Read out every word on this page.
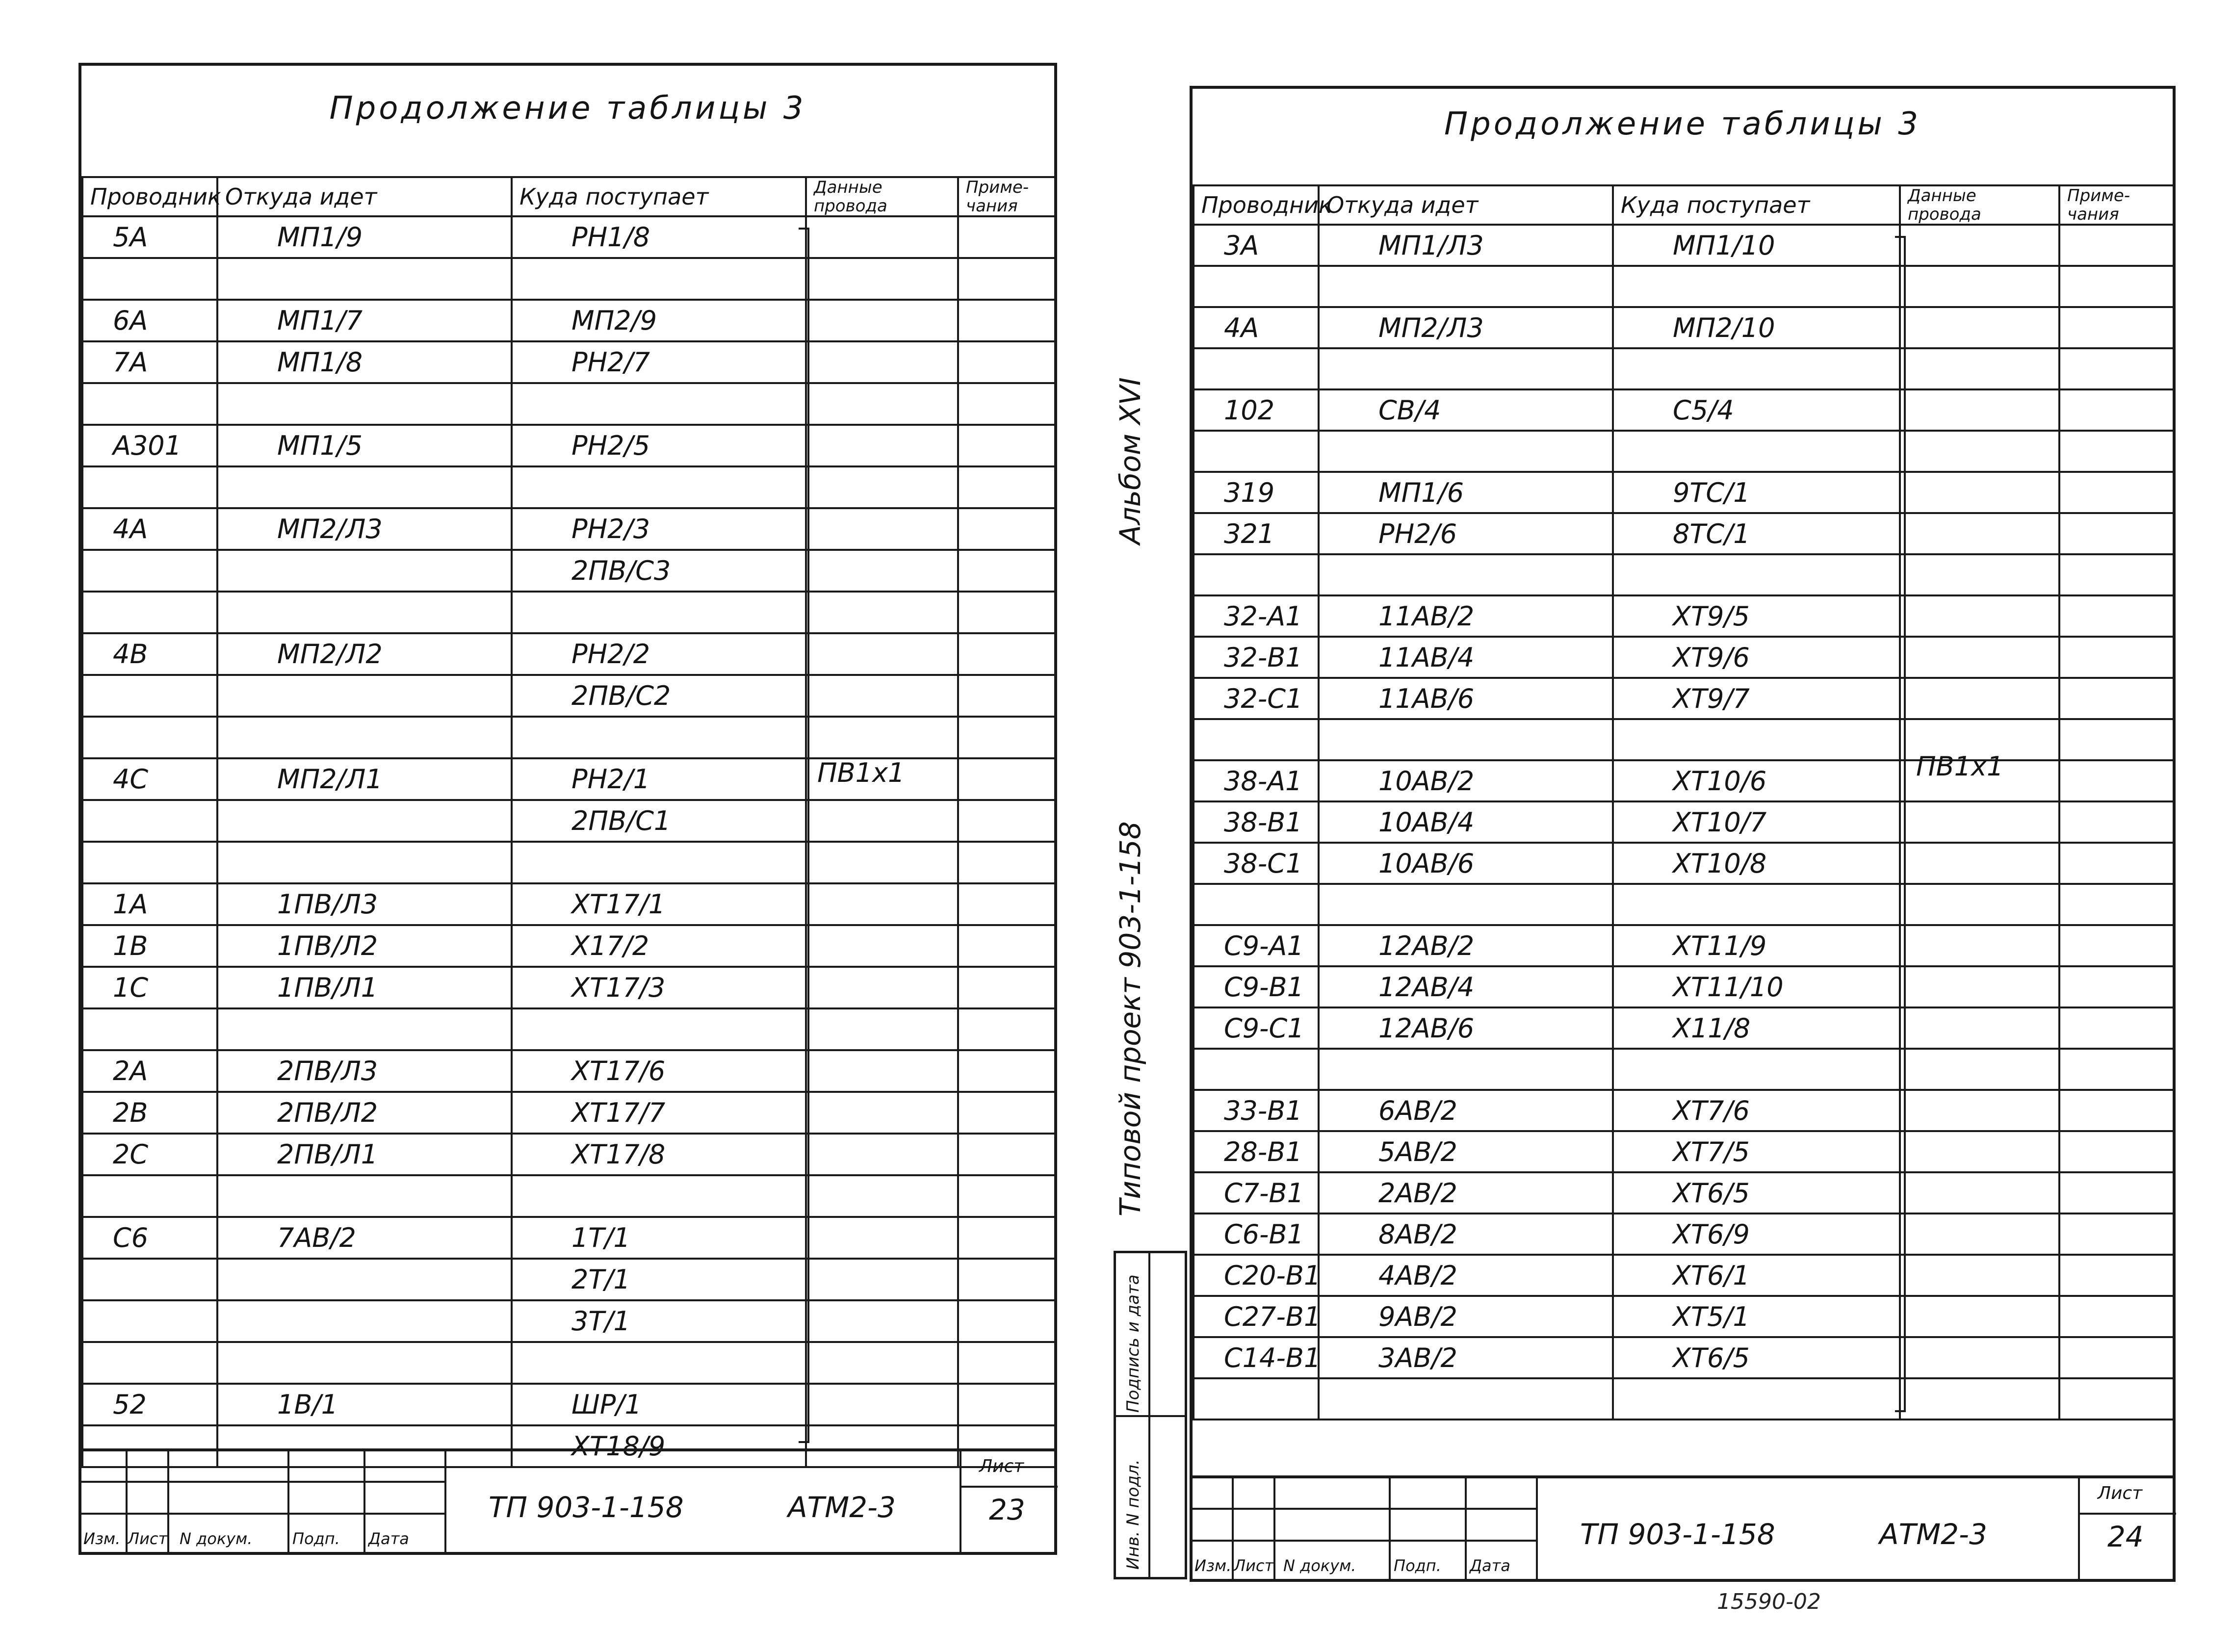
Продолжение таблицы 3
Проводник	Откуда идет	Куда поступает	Данные провода	Приме-чания
5A	МП1/9	PH1/8		

6A	МП1/7	МП2/9		
7A	МП1/8	PH2/7		

A301	МП1/5	PH2/5		

4A	МП2/Л3	PH2/3		
		2ПВ/С3		

4B	МП2/Л2	PH2/2		
		2ПВ/С2		

4C	МП2/Л1	PH2/1		
		2ПВ/С1		

1A	1ПВ/Л3	XT17/1		
1B	1ПВ/Л2	X17/2		
1C	1ПВ/Л1	XT17/3		

2A	2ПВ/Л3	XT17/6		
2B	2ПВ/Л2	XT17/7		
2C	2ПВ/Л1	XT17/8		

C6	7AB/2	1T/1		
		2T/1		
		3T/1		

52	1B/1	ШР/1		
		XT18/9		
ПВ1x1
Изм. Лист N докум.	Подп. Дата
ТП 903-1-158	АТМ2-3
Лист
23
Альбом XVI
Типовой проект 903-1-158
Подпись и дата
Инв. N подл.
Продолжение таблицы 3
Проводник	Откуда идет	Куда поступает	Данные провода	Приме-чания
3A	МП1/Л3	МП1/10		

4A	МП2/Л3	МП2/10		

102	СВ/4	С5/4		

319	МП1/6	9ТС/1		
321	PH2/6	8ТС/1		

32-A1	11AB/2	XT9/5		
32-B1	11AB/4	XT9/6		
32-C1	11AB/6	XT9/7		

38-A1	10AB/2	XT10/6		
38-B1	10AB/4	XT10/7		
38-C1	10AB/6	XT10/8		

C9-A1	12AB/2	XT11/9		
C9-B1	12AB/4	XT11/10		
C9-C1	12AB/6	X11/8		

33-B1	6AB/2	XT7/6		
28-B1	5AB/2	XT7/5		
C7-B1	2AB/2	XT6/5		
C6-B1	8AB/2	XT6/9		
C20-B1	4AB/2	XT6/1		
C27-B1	9AB/2	XT5/1		
C14-B1	3AB/2	XT6/5		

ПВ1x1
Изм. Лист N докум. Подп. Дата
ТП 903-1-158	АТМ2-3
Лист
24
15590-02
